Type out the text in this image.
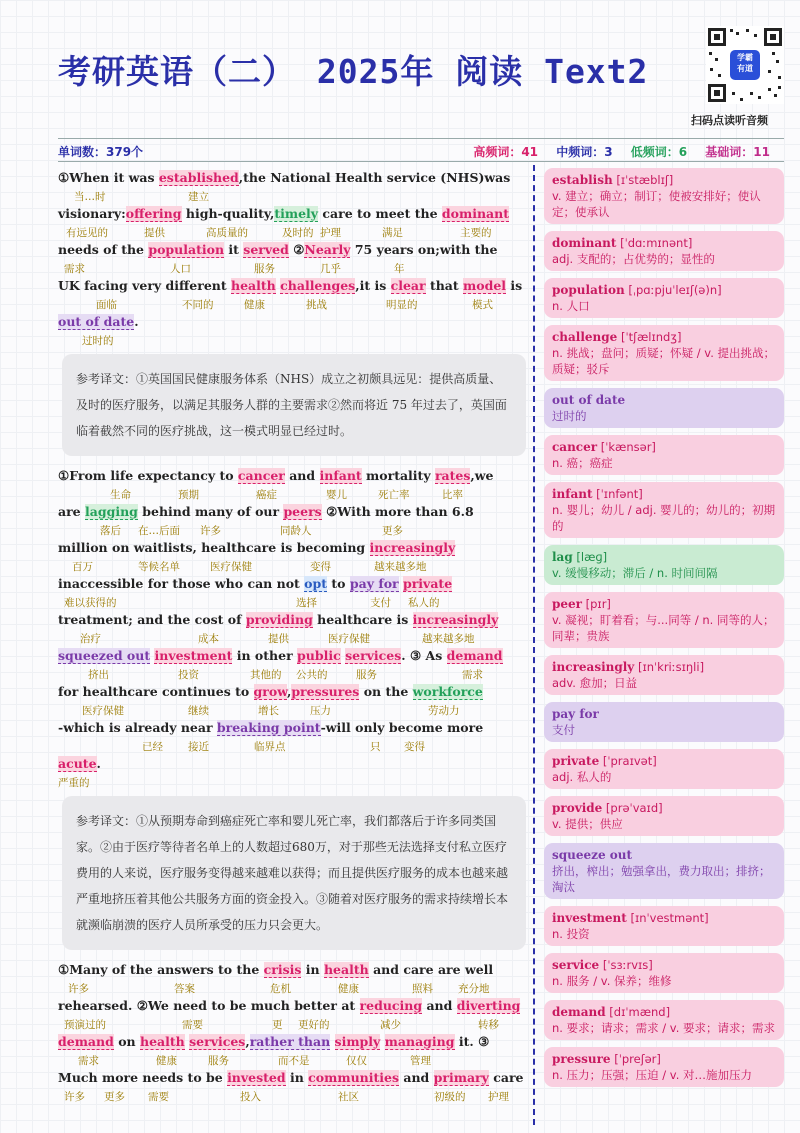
考研英语（二） 2025年 阅读 Text2	学霸
有道
扫码点读听音频
单词数：379个	高频词：41 中频词：3 低频词：6 基础词：11
①When it was established,the National Health service (NHS)was
当…时	建立
visionary:offering high-quality,timely care to meet the dominant
有远见的	提供	高质量的	及时的 护理	满足	主要的
needs of the population it served ②Nearly 75 years on;with the
需求	人口	服务	几乎	年
UK facing very different health challenges,it is clear that model is
面临	不同的	健康	挑战	明显的	模式
out of date.
过时的
参考译文：①英国国民健康服务体系（NHS）成立之初颇具远见：提供高质量、及时的医疗服务，以满足其服务人群的主要需求②然而将近 75 年过去了，英国面临着截然不同的医疗挑战，这一模式明显已经过时。
①From life expectancy to cancer and infant mortality rates,we
生命	预期	癌症	婴儿	死亡率	比率
are lagging behind many of our peers ②With more than 6.8
落后 在…后面 许多	同龄人	更多
million on waitlists, healthcare is becoming increasingly
百万	等候名单	医疗保健	变得	越来越多地
inaccessible for those who can not opt to pay for private
难以获得的	选择	支付 私人的
treatment; and the cost of providing healthcare is increasingly
治疗	成本	提供	医疗保健	越来越多地
squeezed out investment in other public services. ③ As demand
挤出	投资	其他的 公共的	服务	需求
for healthcare continues to grow,pressures on the workforce
医疗保健	继续	增长	压力	劳动力
-which is already near breaking point-will only become more
已经 接近	临界点	只 变得
acute.
严重的
参考译文：①从预期寿命到癌症死亡率和婴儿死亡率，我们都落后于许多同类国家。②由于医疗等待者名单上的人数超过680万，对于那些无法选择支付私立医疗费用的人来说，医疗服务变得越来越难以获得；而且提供医疗服务的成本也越来越严重地挤压着其他公共服务方面的资金投入。③随着对医疗服务的需求持续增长本就濒临崩溃的医疗人员所承受的压力只会更大。
①Many of the answers to the crisis in health and care are well
许多	答案	危机	健康	照料 充分地
rehearsed. ②We need to be much better at reducing and diverting
预演过的	需要	更 更好的	减少	转移
demand on health services,rather than simply managing it. ③
需求	健康	服务	而不是	仅仅	管理
Much more needs to be invested in communities and primary care
许多 更多 需要	投入	社区	初级的 护理
establish [ɪˈstæblɪʃ]
v. 建立；确立；制订；使被安排好；使认定；使承认
dominant [ˈdɑːmɪnənt]
adj. 支配的；占优势的；显性的
population [ˌpɑːpjuˈleɪʃ(ə)n]
n. 人口
challenge [ˈtʃælɪndʒ]
n. 挑战；盘问；质疑；怀疑 / v. 提出挑战；质疑；驳斥
out of date
过时的
cancer [ˈkænsər]
n. 癌；癌症
infant [ˈɪnfənt]
n. 婴儿；幼儿 / adj. 婴儿的；幼儿的；初期的
lag [læɡ]
v. 缓慢移动；滞后 / n. 时间间隔
peer [pɪr]
v. 凝视；盯着看；与...同等 / n. 同等的人；同辈；贵族
increasingly [ɪnˈkriːsɪŋli]
adv. 愈加；日益
pay for
支付
private [ˈpraɪvət]
adj. 私人的
provide [prəˈvaɪd]
v. 提供；供应
squeeze out
挤出，榨出；勉强拿出，费力取出；排挤；淘汰
investment [ɪnˈvestmənt]
n. 投资
service [ˈsɜːrvɪs]
n. 服务 / v. 保养；维修
demand [dɪˈmænd]
n. 要求；请求；需求 / v. 要求；请求；需求
pressure [ˈpreʃər]
n. 压力；压强；压迫 / v. 对…施加压力
